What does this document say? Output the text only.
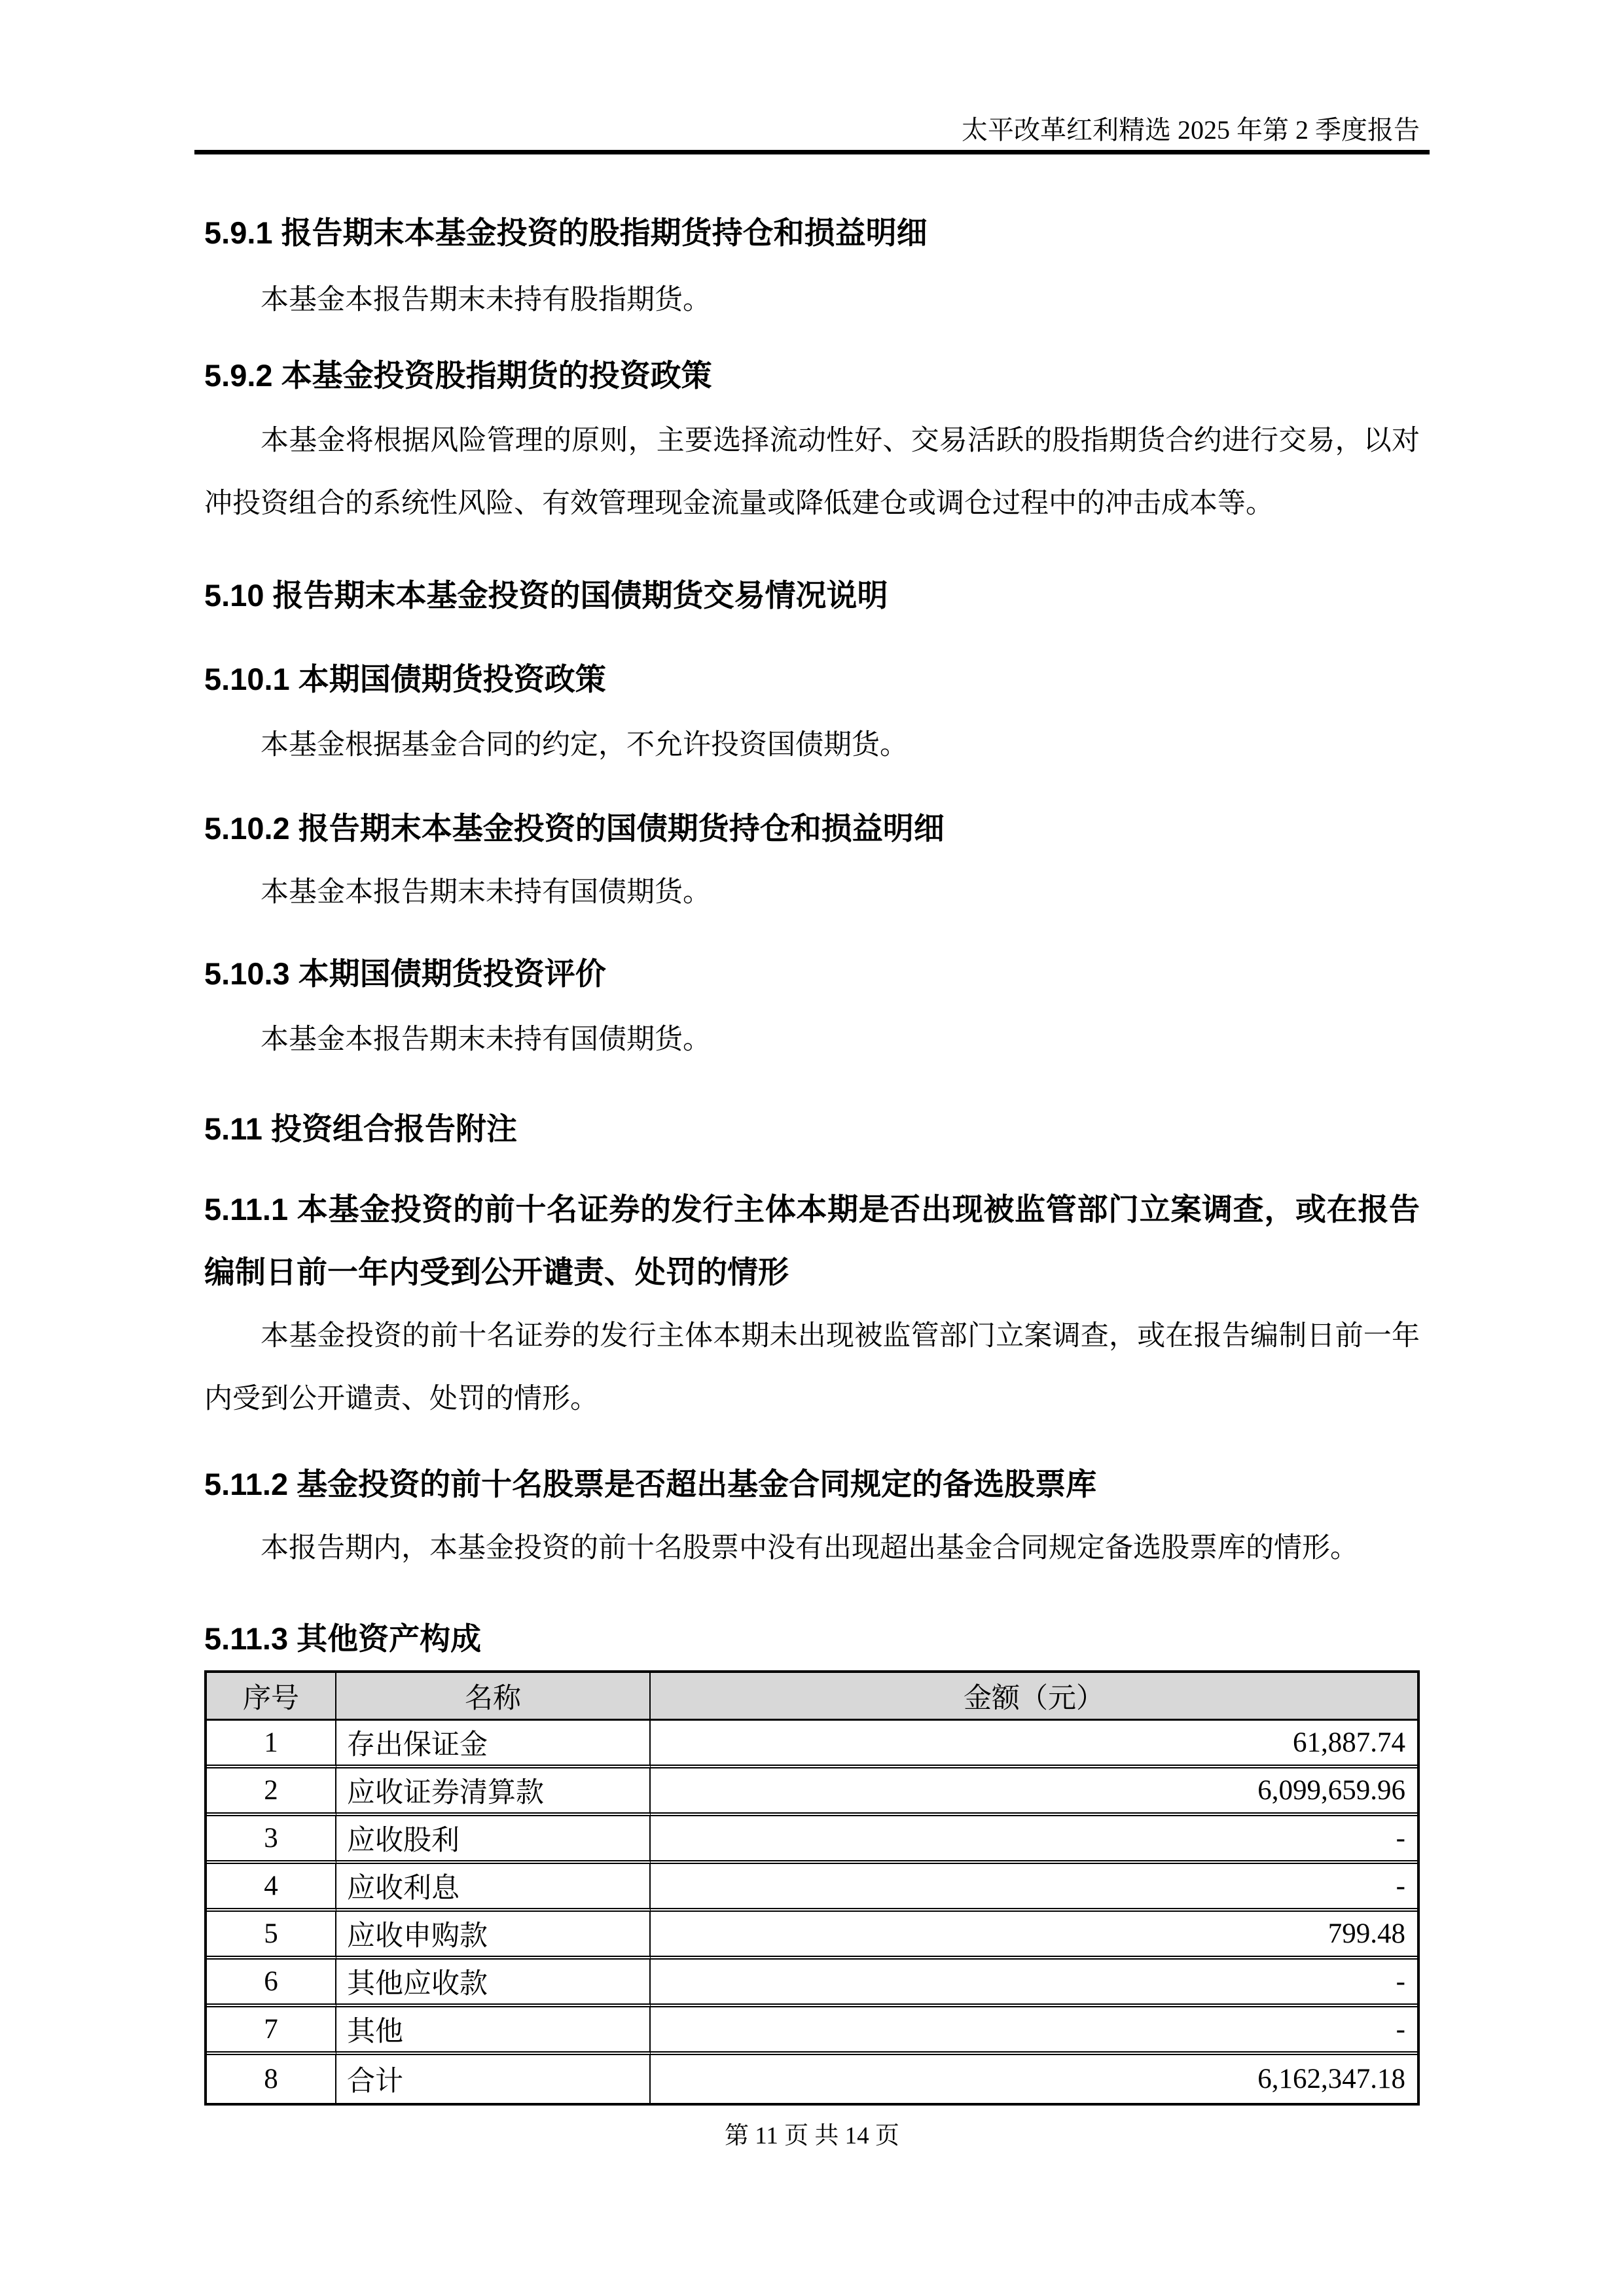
太平改革红利精选 2025 年第 2 季度报告
5.9.1 报告期末本基金投资的股指期货持仓和损益明细

本基金本报告期末未持有股指期货。

5.9.2 本基金投资股指期货的投资政策

本基金将根据风险管理的原则，主要选择流动性好、交易活跃的股指期货合约进行交易，以对冲投资组合的系统性风险、有效管理现金流量或降低建仓或调仓过程中的冲击成本等。

5.10 报告期末本基金投资的国债期货交易情况说明
5.10.1 本期国债期货投资政策

本基金根据基金合同的约定，不允许投资国债期货。

5.10.2 报告期末本基金投资的国债期货持仓和损益明细

本基金本报告期末未持有国债期货。

5.10.3 本期国债期货投资评价

本基金本报告期末未持有国债期货。

5.11 投资组合报告附注
5.11.1 本基金投资的前十名证券的发行主体本期是否出现被监管部门立案调查，或在报告编制日前一年内受到公开谴责、处罚的情形

本基金投资的前十名证券的发行主体本期未出现被监管部门立案调查，或在报告编制日前一年内受到公开谴责、处罚的情形。

5.11.2 基金投资的前十名股票是否超出基金合同规定的备选股票库

本报告期内，本基金投资的前十名股票中没有出现超出基金合同规定备选股票库的情形。

5.11.3 其他资产构成
序号	名称	金额（元）
1	存出保证金	61,887.74
2	应收证券清算款	6,099,659.96
3	应收股利	-
4	应收利息	-
5	应收申购款	799.48
6	其他应收款	-
7	其他	-
8	合计	6,162,347.18
第 11 页 共 14 页
